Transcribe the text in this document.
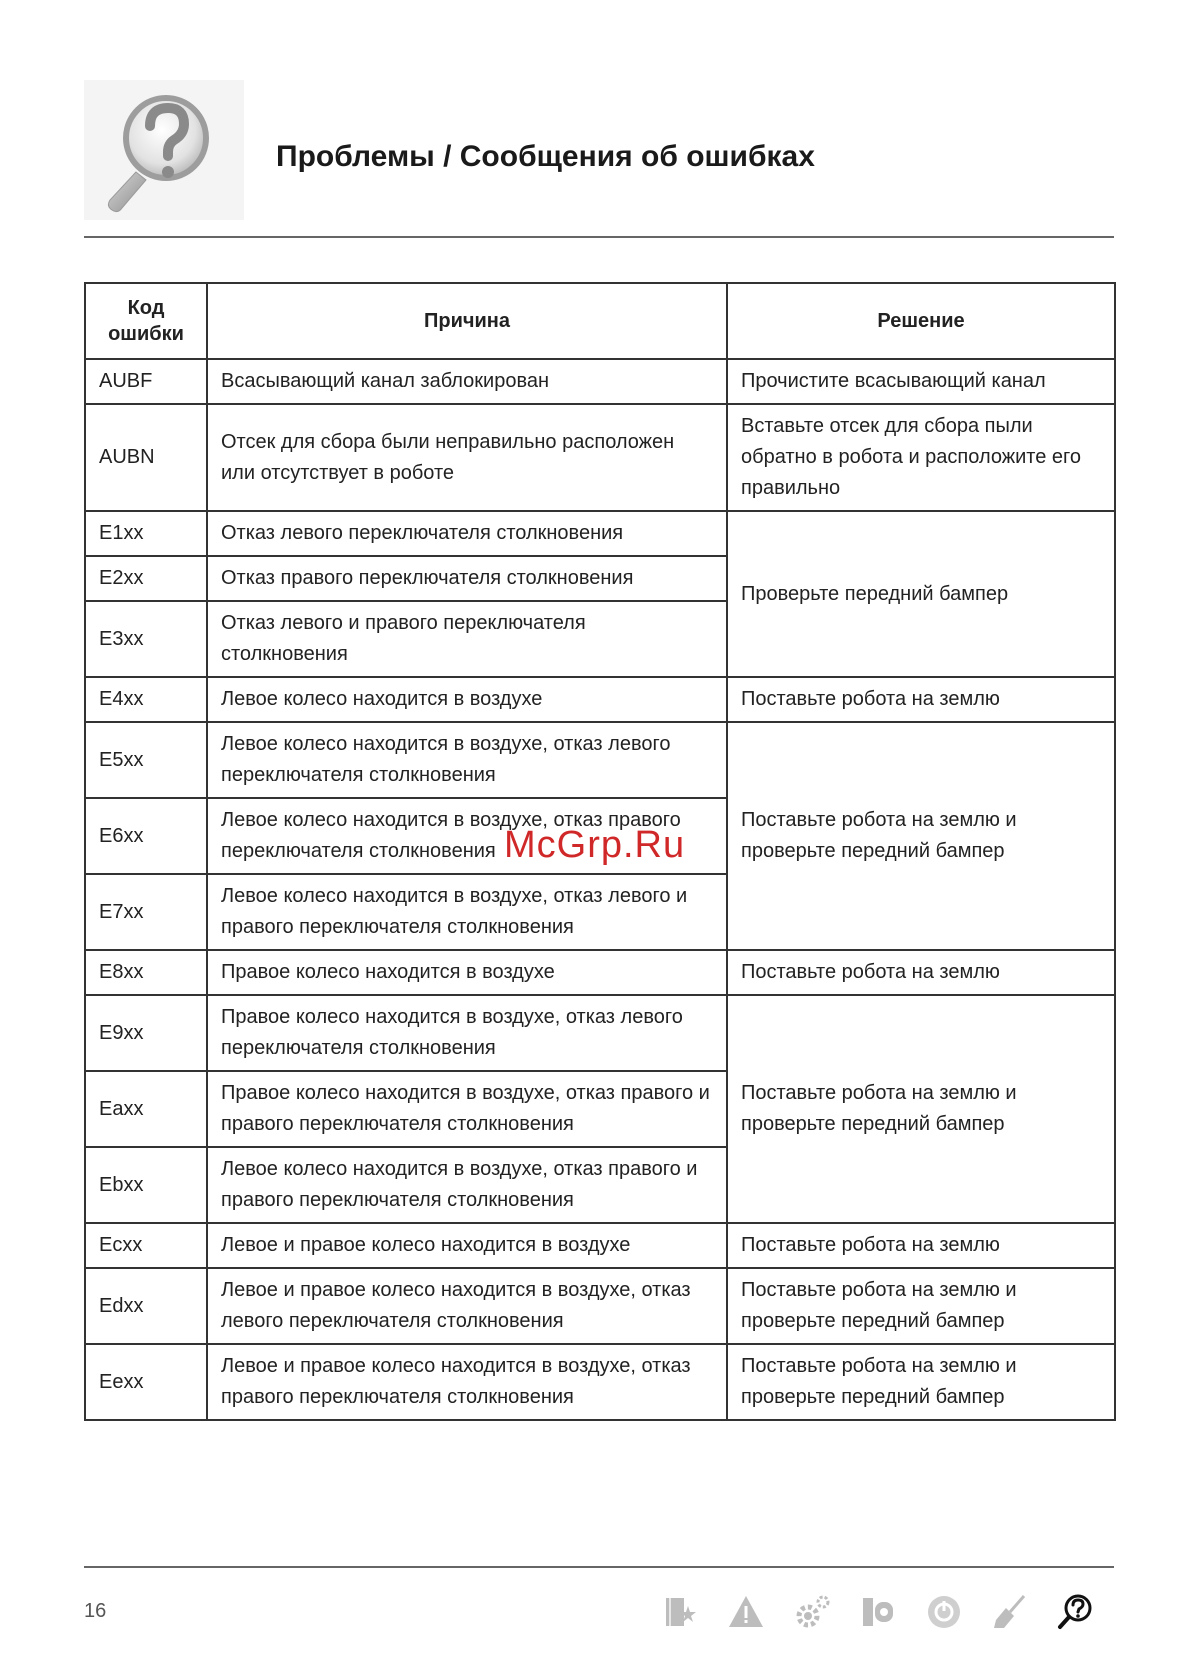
Проблемы / Сообщения об ошибках
Код ошибки	Причина	Решение
AUBF	Всасывающий канал заблокирован	Прочистите всасывающий канал
AUBN	Отсек для сбора были неправильно расположен или отсутствует в роботе	Вставьте отсек для сбора пыли обратно в робота и расположите его правильно
E1xx	Отказ левого переключателя столкновения	Проверьте передний бампер
E2xx	Отказ правого переключателя столкновения	
E3xx	Отказ левого и правого переключателя столкновения	
E4xx	Левое колесо находится в воздухе	Поставьте робота на землю
E5xx	Левое колесо находится в воздухе, отказ левого переключателя столкновения	Поставьте робота на землю и проверьте передний бампер
E6xx	Левое колесо находится в воздухе, отказ правого переключателя столкновения	
E7xx	Левое колесо находится в воздухе, отказ левого и правого переключателя столкновения	
E8xx	Правое колесо находится в воздухе	Поставьте робота на землю
E9xx	Правое колесо находится в воздухе, отказ левого переключателя столкновения	Поставьте робота на землю и проверьте передний бампер
Eaxx	Правое колесо находится в воздухе, отказ правого и правого переключателя столкновения	
Ebxx	Левое колесо находится в воздухе, отказ правого и правого переключателя столкновения	
Ecxx	Левое и правое колесо находится в воздухе	Поставьте робота на землю
Edxx	Левое и правое колесо находится в воздухе, отказ левого переключателя столкновения	Поставьте робота на землю и проверьте передний бампер
Eexx	Левое и правое колесо находится в воздухе, отказ правого переключателя столкновения	Поставьте робота на землю и проверьте передний бампер
McGrp.Ru
16
